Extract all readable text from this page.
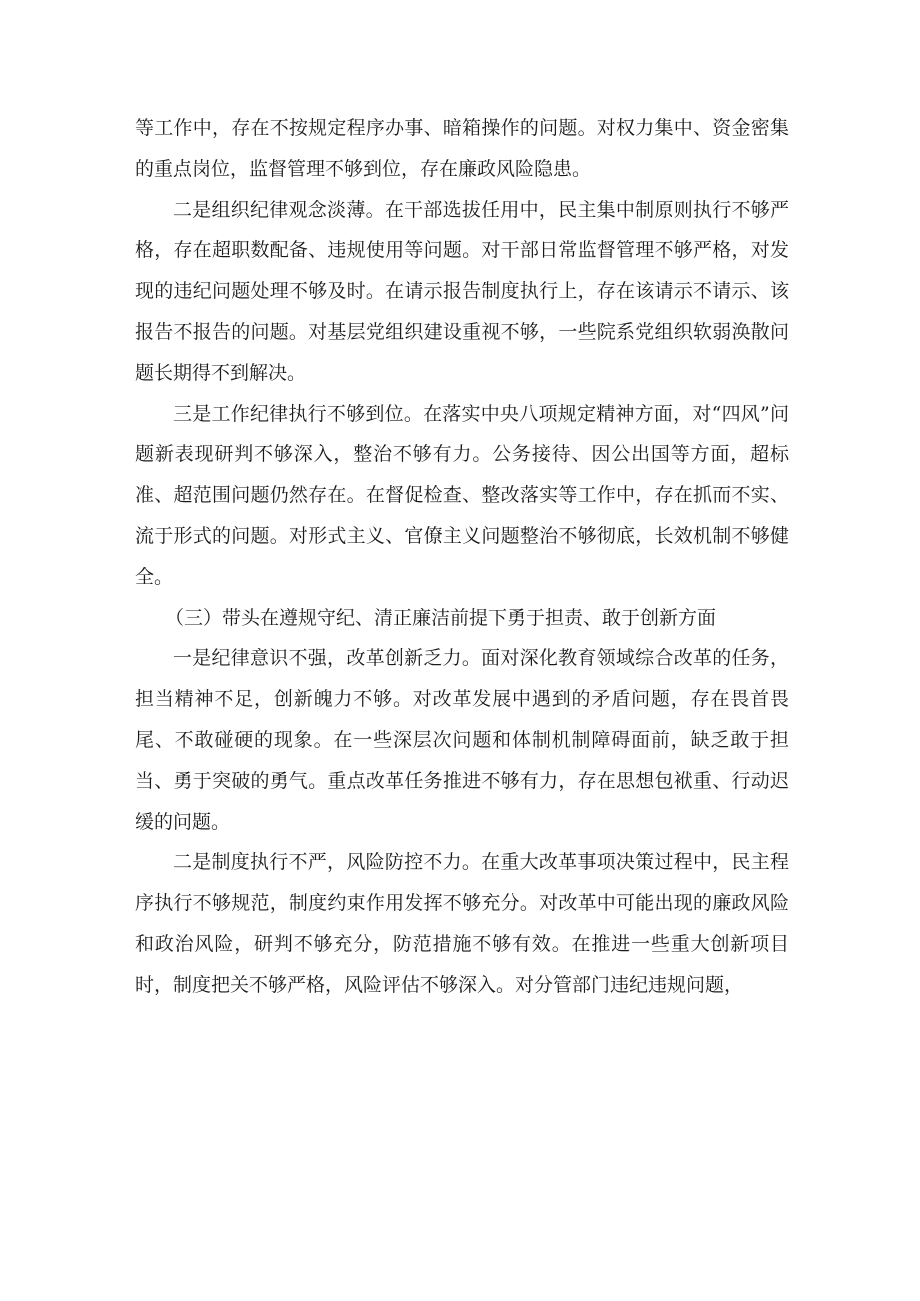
等工作中，存在不按规定程序办事、暗箱操作的问题。对权力集中、资金密集的重点岗位，监督管理不够到位，存在廉政风险隐患。

二是组织纪律观念淡薄。在干部选拔任用中，民主集中制原则执行不够严格，存在超职数配备、违规使用等问题。对干部日常监督管理不够严格，对发现的违纪问题处理不够及时。在请示报告制度执行上，存在该请示不请示、该报告不报告的问题。对基层党组织建设重视不够，一些院系党组织软弱涣散问题长期得不到解决。

三是工作纪律执行不够到位。在落实中央八项规定精神方面，对“四风”问题新表现研判不够深入，整治不够有力。公务接待、因公出国等方面，超标准、超范围问题仍然存在。在督促检查、整改落实等工作中，存在抓而不实、流于形式的问题。对形式主义、官僚主义问题整治不够彻底，长效机制不够健全。

（三）带头在遵规守纪、清正廉洁前提下勇于担责、敢于创新方面

一是纪律意识不强，改革创新乏力。面对深化教育领域综合改革的任务，担当精神不足，创新魄力不够。对改革发展中遇到的矛盾问题，存在畏首畏尾、不敢碰硬的现象。在一些深层次问题和体制机制障碍面前，缺乏敢于担当、勇于突破的勇气。重点改革任务推进不够有力，存在思想包袱重、行动迟缓的问题。

二是制度执行不严，风险防控不力。在重大改革事项决策过程中，民主程序执行不够规范，制度约束作用发挥不够充分。对改革中可能出现的廉政风险和政治风险，研判不够充分，防范措施不够有效。在推进一些重大创新项目时，制度把关不够严格，风险评估不够深入。对分管部门违纪违规问题，
